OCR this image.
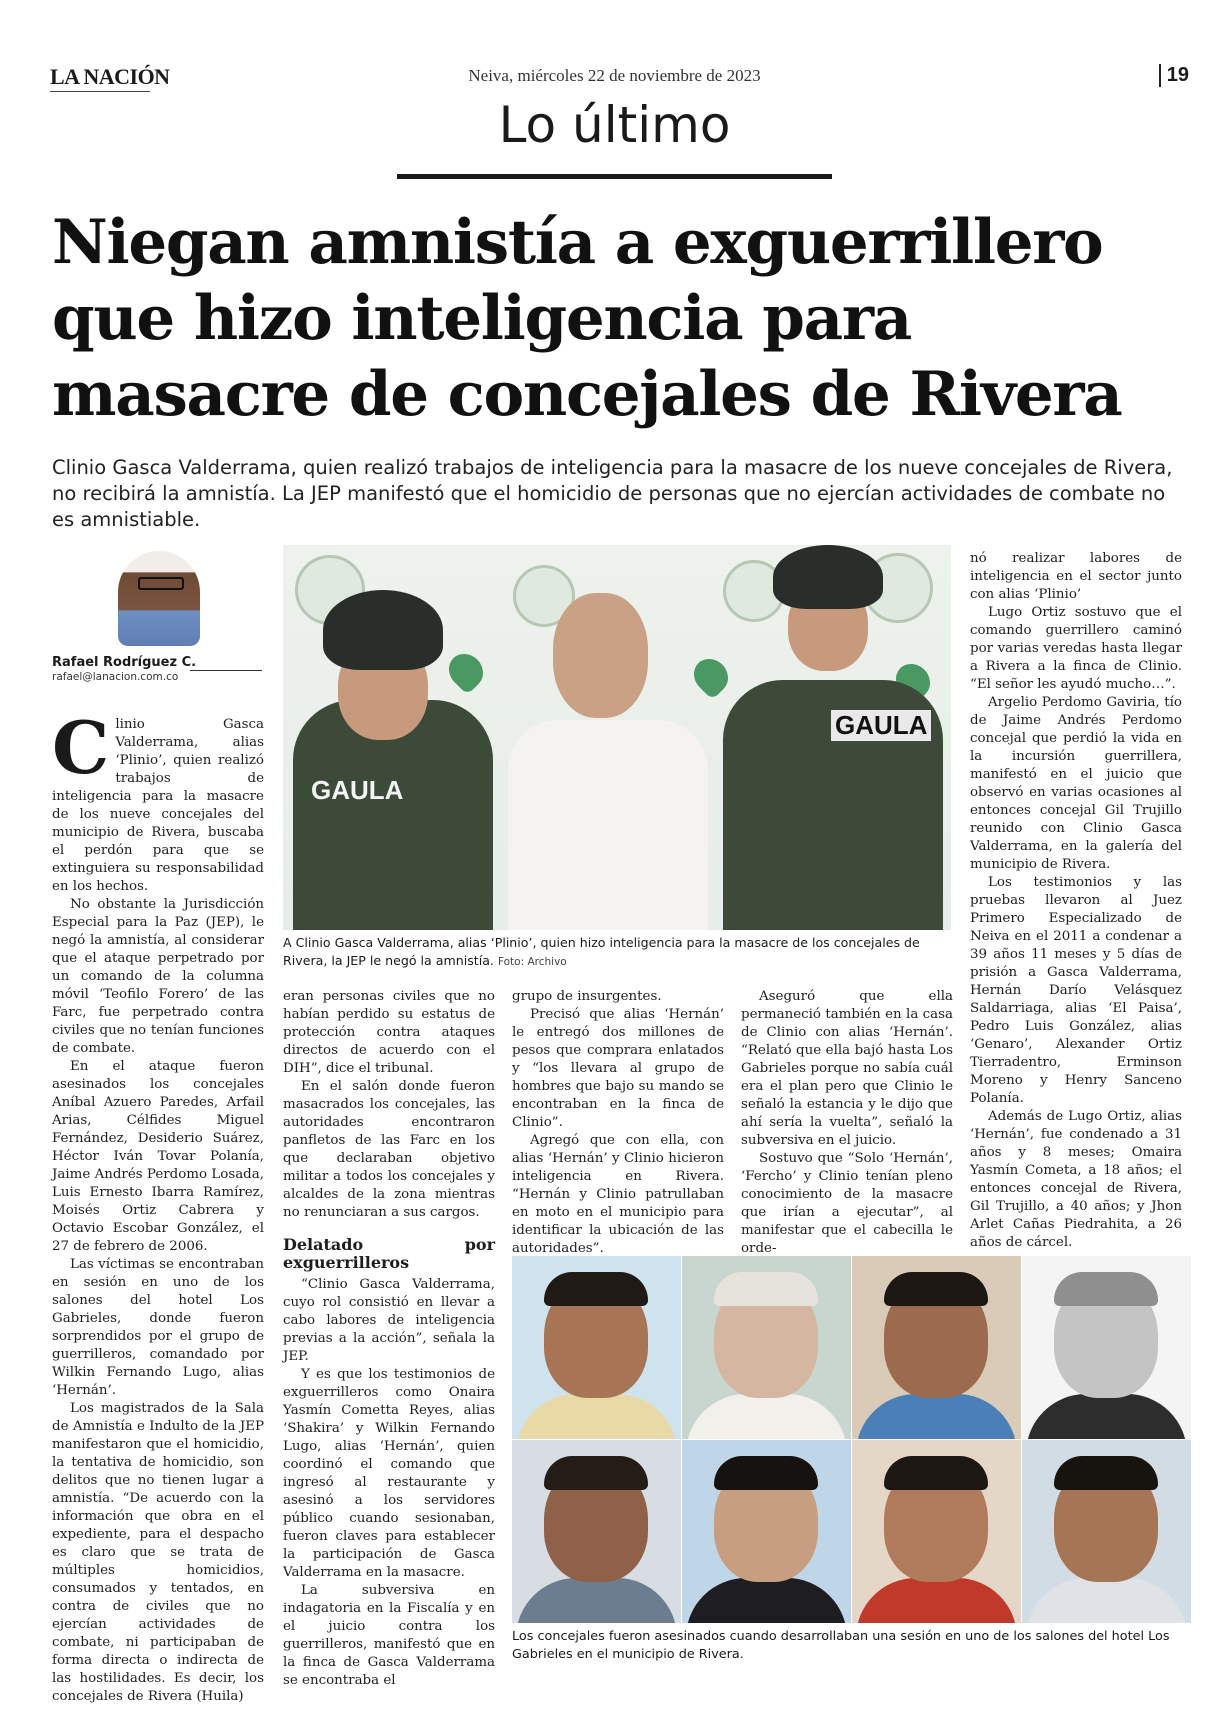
LA NACIÓN	Neiva, miércoles 22 de noviembre de 2023	19
Lo último
Niegan amnistía a exguerrillero que hizo inteligencia para masacre de concejales de Rivera

Clinio Gasca Valderrama, quien realizó trabajos de inteligencia para la masacre de los nueve concejales de Rivera, no recibirá la amnistía. La JEP manifestó que el homicidio de personas que no ejercían actividades de combate no es amnistiable.

Rafael Rodríguez C.
rafael@lanacion.com.co

Clinio Gasca Valderrama, alias ‘Plinio’, quien realizó trabajos de inteligencia para la masacre de los nueve concejales del municipio de Rivera, buscaba el perdón para que se extinguiera su responsabilidad en los hechos.

No obstante la Jurisdicción Especial para la Paz (JEP), le negó la amnistía, al considerar que el ataque perpetrado por un comando de la columna móvil ‘Teofilo Forero’ de las Farc, fue perpetrado contra civiles que no tenían funciones de combate.

En el ataque fueron asesinados los concejales Aníbal Azuero Paredes, Arfail Arias, Célfides Miguel Fernández, Desiderio Suárez, Héctor Iván Tovar Polanía, Jaime Andrés Perdomo Losada, Luis Ernesto Ibarra Ramírez, Moisés Ortiz Cabrera y Octavio Escobar González, el 27 de febrero de 2006.

Las víctimas se encontraban en sesión en uno de los salones del hotel Los Gabrieles, donde fueron sorprendidos por el grupo de guerrilleros, comandado por Wilkin Fernando Lugo, alias ‘Hernán’.

Los magistrados de la Sala de Amnistía e Indulto de la JEP manifestaron que el homicidio, la tentativa de homicidio, son delitos que no tienen lugar a amnistía. “De acuerdo con la información que obra en el expediente, para el despacho es claro que se trata de múltiples homicidios, consumados y tentados, en contra de civiles que no ejercían actividades de combate, ni participaban de forma directa o indirecta de las hostilidades. Es decir, los concejales de Rivera (Huila)

GAULA
GAULA
A Clinio Gasca Valderrama, alias ‘Plinio’, quien hizo inteligencia para la masacre de los concejales de Rivera, la JEP le negó la amnistía. Foto: Archivo

eran personas civiles que no habían perdido su estatus de protección contra ataques directos de acuerdo con el DIH”, dice el tribunal.

En el salón donde fueron masacrados los concejales, las autoridades encontraron panfletos de las Farc en los que declaraban objetivo militar a todos los concejales y alcaldes de la zona mientras no renunciaran a sus cargos.

Delatado por exguerrilleros

“Clinio Gasca Valderrama, cuyo rol consistió en llevar a cabo labores de inteligencia previas a la acción”, señala la JEP.

Y es que los testimonios de exguerrilleros como Onaira Yasmín Cometta Reyes, alias ‘Shakira’ y Wilkin Fernando Lugo, alias ‘Hernán’, quien coordinó el comando que ingresó al restaurante y asesinó a los servidores público cuando sesionaban, fueron claves para establecer la participación de Gasca Valderrama en la masacre.

La subversiva en indagatoria en la Fiscalía y en el juicio contra los guerrilleros, manifestó que en la finca de Gasca Valderrama se encontraba el

grupo de insurgentes.

Precisó que alias ‘Hernán’ le entregó dos millones de pesos que comprara enlatados y “los llevara al grupo de hombres que bajo su mando se encontraban en la finca de Clinio”.

Agregó que con ella, con alias ‘Hernán’ y Clinio hicieron inteligencia en Rivera. “Hernán y Clinio patrullaban en moto en el municipio para identificar la ubicación de las autoridades”.

Aseguró que ella permaneció también en la casa de Clinio con alias ‘Hernán’. “Relató que ella bajó hasta Los Gabrieles porque no sabía cuál era el plan pero que Clinio le señaló la estancia y le dijo que ahí sería la vuelta”, señaló la subversiva en el juicio.

Sostuvo que “Solo ‘Hernán’, ‘Fercho’ y Clinio tenían pleno conocimiento de la masacre que irían a ejecutar”, al manifestar que el cabecilla le orde-

nó realizar labores de inteligencia en el sector junto con alias ‘Plinio’

Lugo Ortiz sostuvo que el comando guerrillero caminó por varias veredas hasta llegar a Rivera a la finca de Clinio. “El señor les ayudó mucho…”.

Argelio Perdomo Gaviria, tío de Jaime Andrés Perdomo concejal que perdió la vida en la incursión guerrillera, manifestó en el juicio que observó en varias ocasiones al entonces concejal Gil Trujillo reunido con Clinio Gasca Valderrama, en la galería del municipio de Rivera.

Los testimonios y las pruebas llevaron al Juez Primero Especializado de Neiva en el 2011 a condenar a 39 años 11 meses y 5 días de prisión a Gasca Valderrama, Hernán Darío Velásquez Saldarriaga, alias ‘El Paisa’, Pedro Luis González, alias ‘Genaro’, Alexander Ortiz Tierradentro, Erminson Moreno y Henry Sanceno Polanía.

Además de Lugo Ortiz, alias ‘Hernán’, fue condenado a 31 años y 8 meses; Omaira Yasmín Cometa, a 18 años; el entonces concejal de Rivera, Gil Trujillo, a 40 años; y Jhon Arlet Cañas Piedrahita, a 26 años de cárcel.

Los concejales fueron asesinados cuando desarrollaban una sesión en uno de los salones del hotel Los Gabrieles en el municipio de Rivera.
